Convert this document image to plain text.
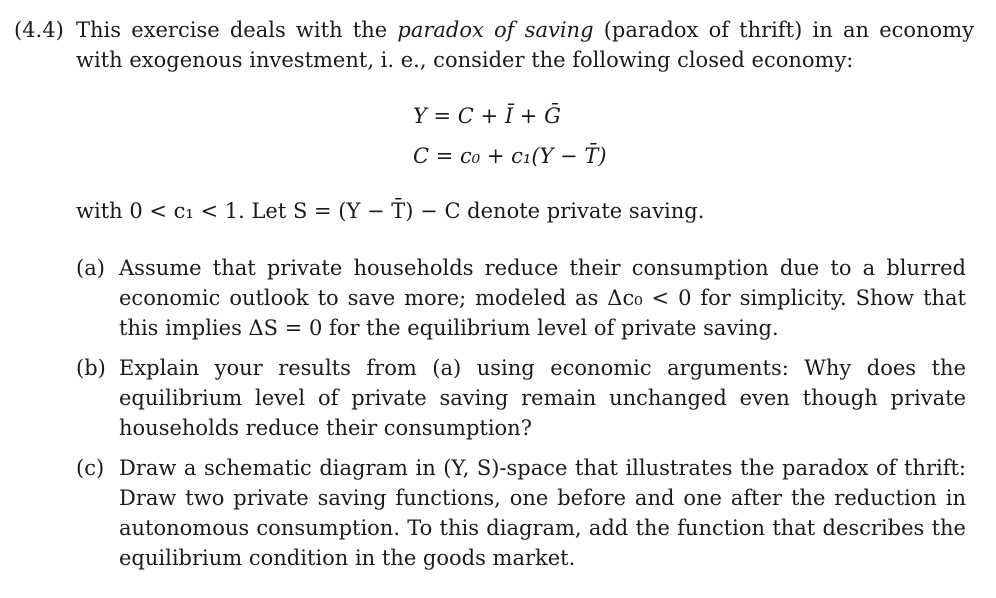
(4.4) This exercise deals with the paradox of saving (paradox of thrift) in an economy with exogenous investment, i. e., consider the following closed economy:
Y = C + Ī + Ḡ
C = c₀ + c₁(Y − T̄)
with 0 < c₁ < 1. Let S = (Y − T̄) − C denote private saving.
(a) Assume that private households reduce their consumption due to a blurred economic outlook to save more; modeled as Δc₀ < 0 for simplicity. Show that this implies ΔS = 0 for the equilibrium level of private saving.
(b) Explain your results from (a) using economic arguments: Why does the equilibrium level of private saving remain unchanged even though private households reduce their consumption?
(c) Draw a schematic diagram in (Y, S)-space that illustrates the paradox of thrift: Draw two private saving functions, one before and one after the reduction in autonomous consumption. To this diagram, add the function that describes the equilibrium condition in the goods market.
